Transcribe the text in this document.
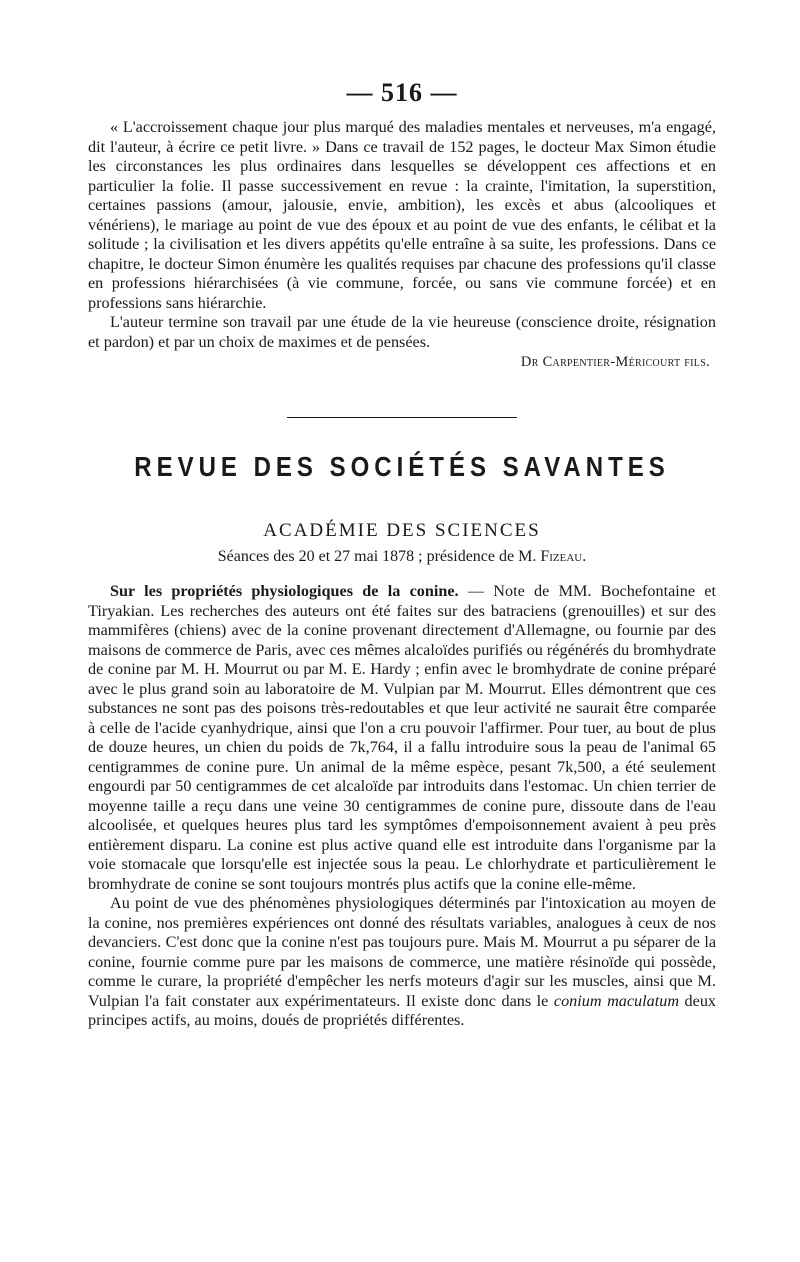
— 516 —

« L'accroissement chaque jour plus marqué des maladies mentales et nerveuses, m'a engagé, dit l'auteur, à écrire ce petit livre. » Dans ce travail de 152 pages, le docteur Max Simon étudie les circonstances les plus ordinaires dans lesquelles se développent ces affections et en particulier la folie. Il passe successivement en revue : la crainte, l'imitation, la superstition, certaines passions (amour, jalousie, envie, ambition), les excès et abus (alcooliques et vénériens), le mariage au point de vue des époux et au point de vue des enfants, le célibat et la solitude ; la civilisation et les divers appétits qu'elle entraîne à sa suite, les professions. Dans ce chapitre, le docteur Simon énumère les qualités requises par chacune des professions qu'il classe en professions hiérarchisées (à vie commune, forcée, ou sans vie commune forcée) et en professions sans hiérarchie.

L'auteur termine son travail par une étude de la vie heureuse (conscience droite, résignation et pardon) et par un choix de maximes et de pensées.

Dr Carpentier-Méricourt fils.
REVUE DES SOCIÉTÉS SAVANTES
ACADÉMIE DES SCIENCES
Séances des 20 et 27 mai 1878 ; présidence de M. Fizeau.

Sur les propriétés physiologiques de la conine. — Note de MM. Bochefontaine et Tiryakian. Les recherches des auteurs ont été faites sur des batraciens (grenouilles) et sur des mammifères (chiens) avec de la conine provenant directement d'Allemagne, ou fournie par des maisons de commerce de Paris, avec ces mêmes alcaloïdes purifiés ou régénérés du bromhydrate de conine par M. H. Mourrut ou par M. E. Hardy ; enfin avec le bromhydrate de conine préparé avec le plus grand soin au laboratoire de M. Vulpian par M. Mourrut. Elles démontrent que ces substances ne sont pas des poisons très-redoutables et que leur activité ne saurait être comparée à celle de l'acide cyanhydrique, ainsi que l'on a cru pouvoir l'affirmer. Pour tuer, au bout de plus de douze heures, un chien du poids de 7k,764, il a fallu introduire sous la peau de l'animal 65 centigrammes de conine pure. Un animal de la même espèce, pesant 7k,500, a été seulement engourdi par 50 centigrammes de cet alcaloïde par introduits dans l'estomac. Un chien terrier de moyenne taille a reçu dans une veine 30 centigrammes de conine pure, dissoute dans de l'eau alcoolisée, et quelques heures plus tard les symptômes d'empoisonnement avaient à peu près entièrement disparu. La conine est plus active quand elle est introduite dans l'organisme par la voie stomacale que lorsqu'elle est injectée sous la peau. Le chlorhydrate et particulièrement le bromhydrate de conine se sont toujours montrés plus actifs que la conine elle-même.

Au point de vue des phénomènes physiologiques déterminés par l'intoxication au moyen de la conine, nos premières expériences ont donné des résultats variables, analogues à ceux de nos devanciers. C'est donc que la conine n'est pas toujours pure. Mais M. Mourrut a pu séparer de la conine, fournie comme pure par les maisons de commerce, une matière résinoïde qui possède, comme le curare, la propriété d'empêcher les nerfs moteurs d'agir sur les muscles, ainsi que M. Vulpian l'a fait constater aux expérimentateurs. Il existe donc dans le conium maculatum deux principes actifs, au moins, doués de propriétés différentes.
